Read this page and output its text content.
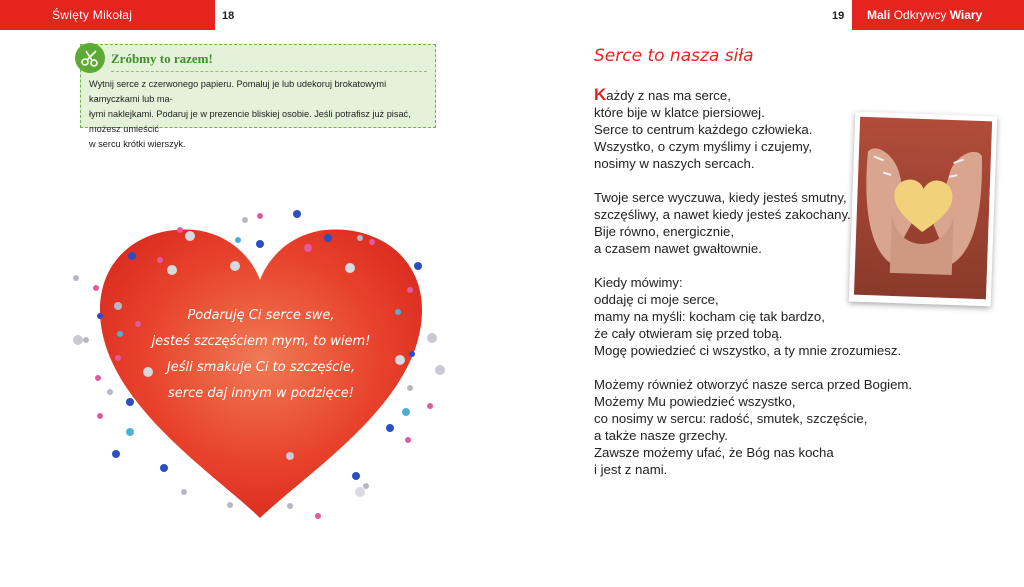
Święty Mikołaj	18	19 Mali Odkrywcy Wiary
Zróbmy to razem!
Wytnij serce z czerwonego papieru. Pomaluj je lub udekoruj brokatowymi kamyczkami lub ma-
łymi naklejkami. Podaruj je w prezencie bliskiej osobie. Jeśli potrafisz już pisać, możesz umieścić
w sercu krótki wierszyk.
Podaruję Ci serce swe,
jesteś szczęściem mym, to wiem!
Jeśli smakuje Ci to szczęście,
serce daj innym w podzięce!
Serce to nasza siła
Każdy z nas ma serce,
które bije w klatce piersiowej.
Serce to centrum każdego człowieka.
Wszystko, o czym myślimy i czujemy,
nosimy w naszych sercach.
Twoje serce wyczuwa, kiedy jesteś smutny,
szczęśliwy, a nawet kiedy jesteś zakochany.
Bije równo, energicznie,
a czasem nawet gwałtownie.
Kiedy mówimy:
oddaję ci moje serce,
mamy na myśli: kocham cię tak bardzo,
że cały otwieram się przed tobą.
Mogę powiedzieć ci wszystko, a ty mnie zrozumiesz.
Możemy również otworzyć nasze serca przed Bogiem.
Możemy Mu powiedzieć wszystko,
co nosimy w sercu: radość, smutek, szczęście,
a także nasze grzechy.
Zawsze możemy ufać, że Bóg nas kocha
i jest z nami.
